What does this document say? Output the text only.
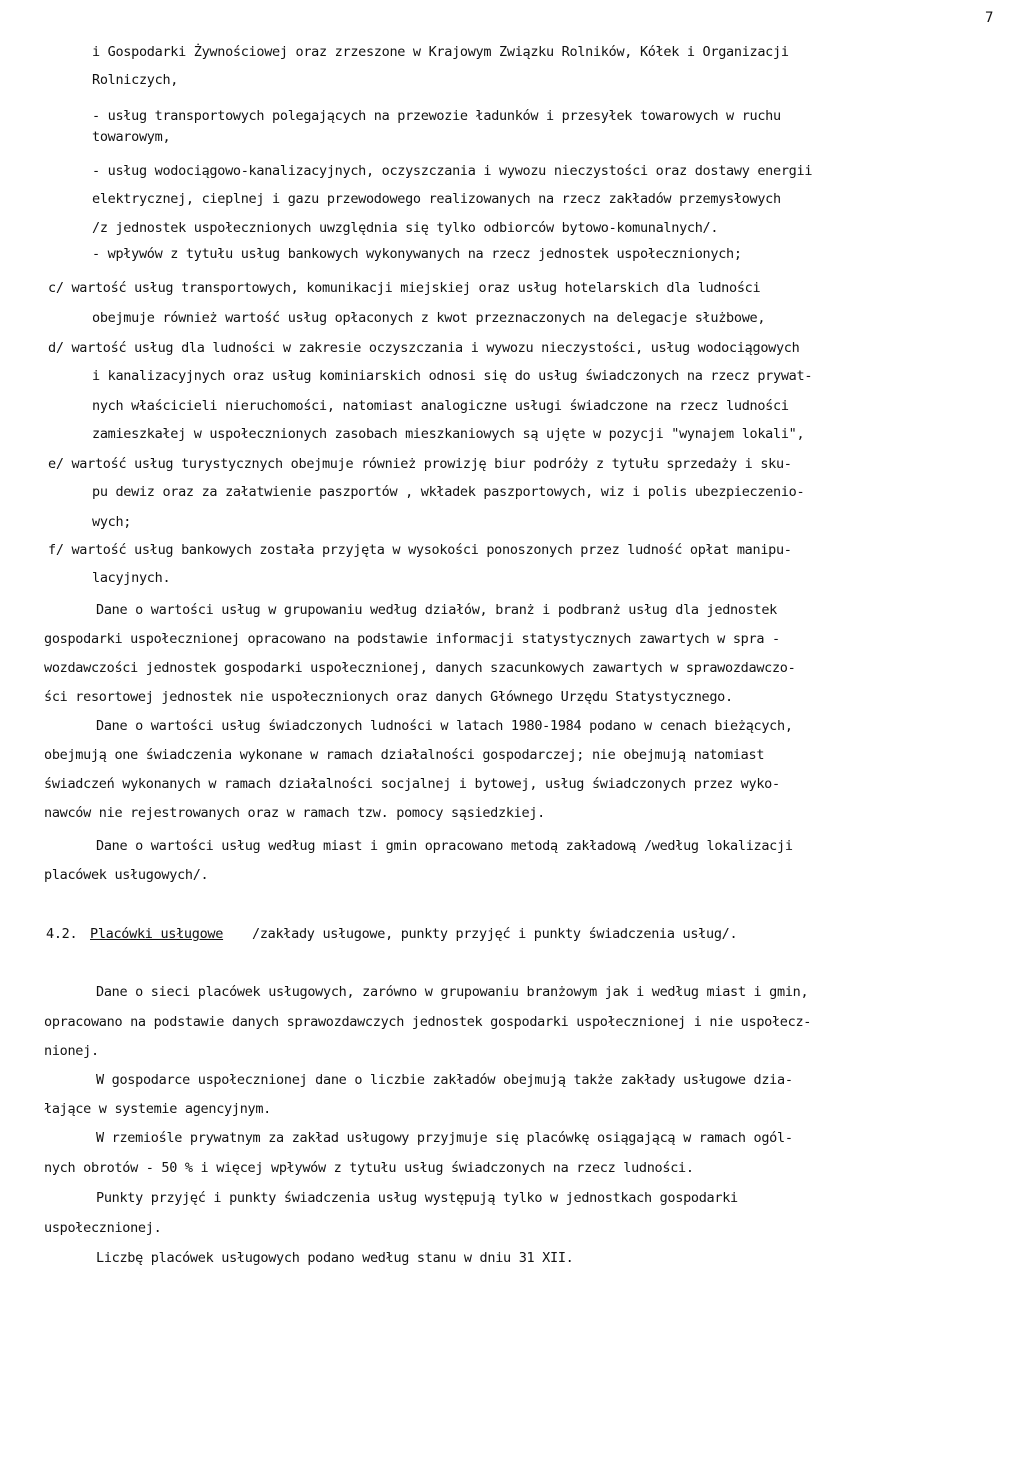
7
i Gospodarki Żywnościowej oraz zrzeszone w Krajowym Związku Rolników, Kółek i Organizacji
Rolniczych,
- usług transportowych polegających na przewozie ładunków i przesyłek towarowych w ruchu
towarowym,
- usług wodociągowo-kanalizacyjnych, oczyszczania i wywozu nieczystości oraz dostawy energii
elektrycznej, cieplnej i gazu przewodowego realizowanych na rzecz zakładów przemysłowych
/z jednostek uspołecznionych uwzględnia się tylko odbiorców bytowo-komunalnych/.
- wpływów z tytułu usług bankowych wykonywanych na rzecz jednostek uspołecznionych;
c/ wartość usług transportowych, komunikacji miejskiej oraz usług hotelarskich dla ludności
obejmuje również wartość usług opłaconych z kwot przeznaczonych na delegacje służbowe,
d/ wartość usług dla ludności w zakresie oczyszczania i wywozu nieczystości, usług wodociągowych
i kanalizacyjnych oraz usług kominiarskich odnosi się do usług świadczonych na rzecz prywat-
nych właścicieli nieruchomości, natomiast analogiczne usługi świadczone na rzecz ludności
zamieszkałej w uspołecznionych zasobach mieszkaniowych są ujęte w pozycji "wynajem lokali",
e/ wartość usług turystycznych obejmuje również prowizję biur podróży z tytułu sprzedaży i sku-
pu dewiz oraz za załatwienie paszportów , wkładek paszportowych, wiz i polis ubezpieczenio-
wych;
f/ wartość usług bankowych została przyjęta w wysokości ponoszonych przez ludność opłat manipu-
lacyjnych.
Dane o wartości usług w grupowaniu według działów, branż i podbranż usług dla jednostek
gospodarki uspołecznionej opracowano na podstawie informacji statystycznych zawartych w spra -
wozdawczości jednostek gospodarki uspołecznionej, danych szacunkowych zawartych w sprawozdawczo-
ści resortowej jednostek nie uspołecznionych oraz danych Głównego Urzędu Statystycznego.
Dane o wartości usług świadczonych ludności w latach 1980-1984 podano w cenach bieżących,
obejmują one świadczenia wykonane w ramach działalności gospodarczej; nie obejmują natomiast
świadczeń wykonanych w ramach działalności socjalnej i bytowej, usług świadczonych przez wyko-
nawców nie rejestrowanych oraz w ramach tzw. pomocy sąsiedzkiej.
Dane o wartości usług według miast i gmin opracowano metodą zakładową /według lokalizacji
placówek usługowych/.
4.2. Placówki usługowe /zakłady usługowe, punkty przyjęć i punkty świadczenia usług/.
Dane o sieci placówek usługowych, zarówno w grupowaniu branżowym jak i według miast i gmin,
opracowano na podstawie danych sprawozdawczych jednostek gospodarki uspołecznionej i nie uspołecz-
nionej.
W gospodarce uspołecznionej dane o liczbie zakładów obejmują także zakłady usługowe dzia-
łające w systemie agencyjnym.
W rzemiośle prywatnym za zakład usługowy przyjmuje się placówkę osiągającą w ramach ogól-
nych obrotów - 50 % i więcej wpływów z tytułu usług świadczonych na rzecz ludności.
Punkty przyjęć i punkty świadczenia usług występują tylko w jednostkach gospodarki
uspołecznionej.
Liczbę placówek usługowych podano według stanu w dniu 31 XII.
